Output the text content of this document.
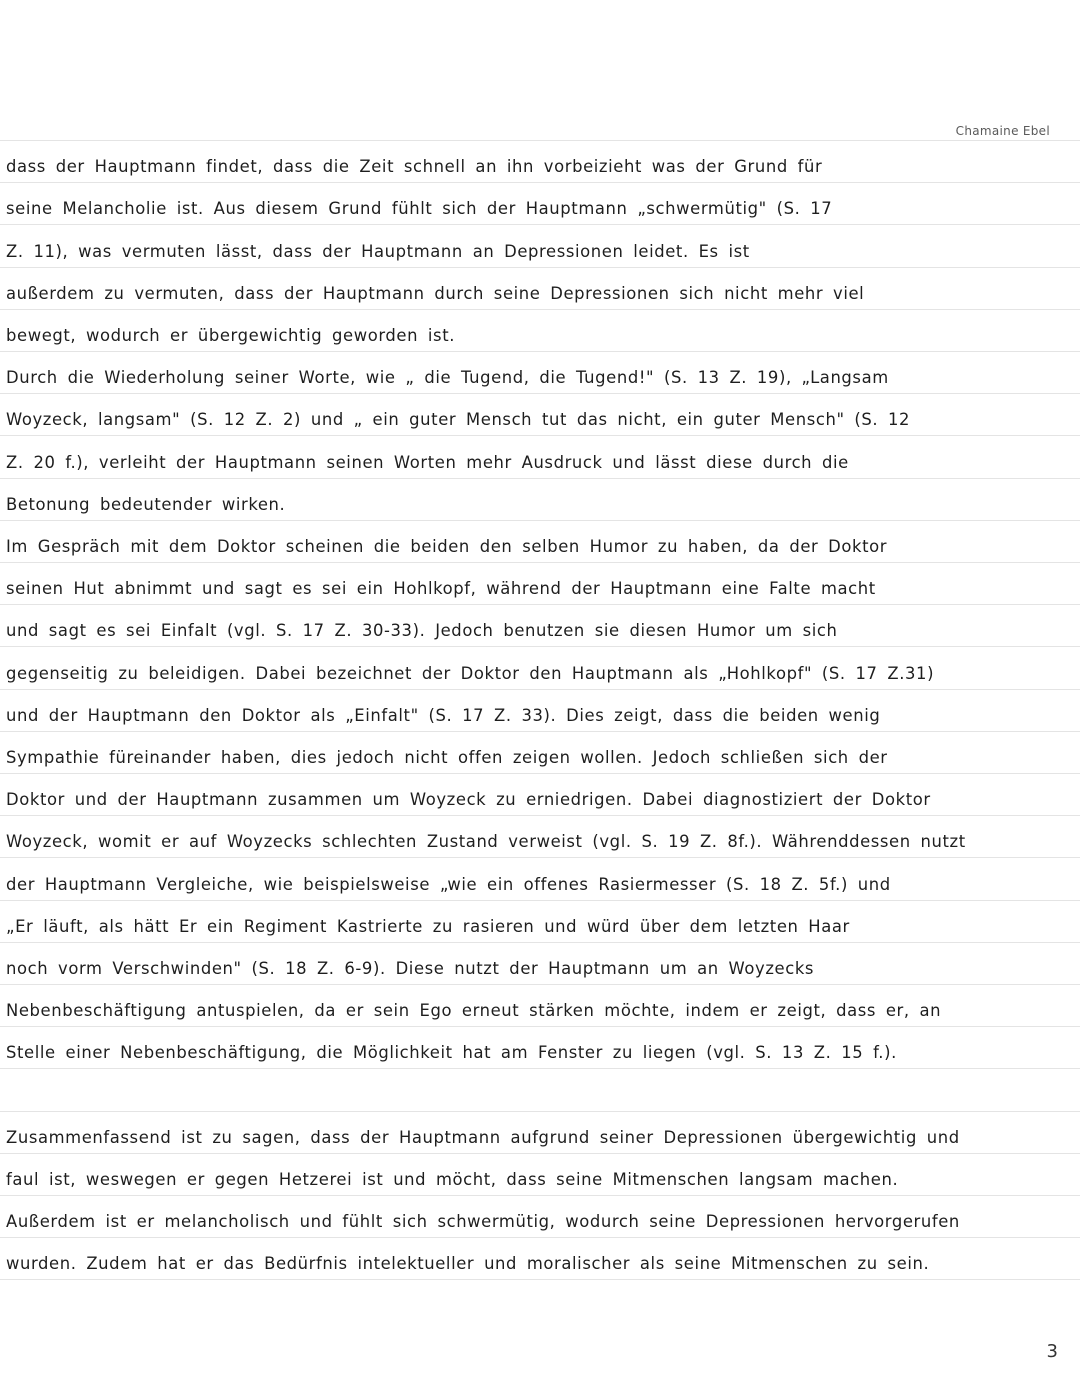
Chamaine Ebel
dass der Hauptmann findet, dass die Zeit schnell an ihn vorbeizieht was der Grund für
seine Melancholie ist. Aus diesem Grund fühlt sich der Hauptmann „schwermütig" (S. 17
Z. 11), was vermuten lässt, dass der Hauptmann an Depressionen leidet. Es ist
außerdem zu vermuten, dass der Hauptmann durch seine Depressionen sich nicht mehr viel
bewegt, wodurch er übergewichtig geworden ist.
Durch die Wiederholung seiner Worte, wie „ die Tugend, die Tugend!" (S. 13 Z. 19), „Langsam
Woyzeck, langsam" (S. 12 Z. 2) und „ ein guter Mensch tut das nicht, ein guter Mensch" (S. 12
Z. 20 f.), verleiht der Hauptmann seinen Worten mehr Ausdruck und lässt diese durch die
Betonung bedeutender wirken.
Im Gespräch mit dem Doktor scheinen die beiden den selben Humor zu haben, da der Doktor
seinen Hut abnimmt und sagt es sei ein Hohlkopf, während der Hauptmann eine Falte macht
und sagt es sei Einfalt (vgl. S. 17 Z. 30-33). Jedoch benutzen sie diesen Humor um sich
gegenseitig zu beleidigen. Dabei bezeichnet der Doktor den Hauptmann als „Hohlkopf" (S. 17 Z.31)
und der Hauptmann den Doktor als „Einfalt" (S. 17 Z. 33). Dies zeigt, dass die beiden wenig
Sympathie füreinander haben, dies jedoch nicht offen zeigen wollen. Jedoch schließen sich der
Doktor und der Hauptmann zusammen um Woyzeck zu erniedrigen. Dabei diagnostiziert der Doktor
Woyzeck, womit er auf Woyzecks schlechten Zustand verweist (vgl. S. 19 Z. 8f.). Währenddessen nutzt
der Hauptmann Vergleiche, wie beispielsweise „wie ein offenes Rasiermesser (S. 18 Z. 5f.) und
„Er läuft, als hätt Er ein Regiment Kastrierte zu rasieren und würd über dem letzten Haar
noch vorm Verschwinden" (S. 18 Z. 6-9). Diese nutzt der Hauptmann um an Woyzecks
Nebenbeschäftigung antuspielen, da er sein Ego erneut stärken möchte, indem er zeigt, dass er, an
Stelle einer Nebenbeschäftigung, die Möglichkeit hat am Fenster zu liegen (vgl. S. 13 Z. 15 f.).
Zusammenfassend ist zu sagen, dass der Hauptmann aufgrund seiner Depressionen übergewichtig und
faul ist, weswegen er gegen Hetzerei ist und möcht, dass seine Mitmenschen langsam machen.
Außerdem ist er melancholisch und fühlt sich schwermütig, wodurch seine Depressionen hervorgerufen
wurden. Zudem hat er das Bedürfnis intelektueller und moralischer als seine Mitmenschen zu sein.
3
